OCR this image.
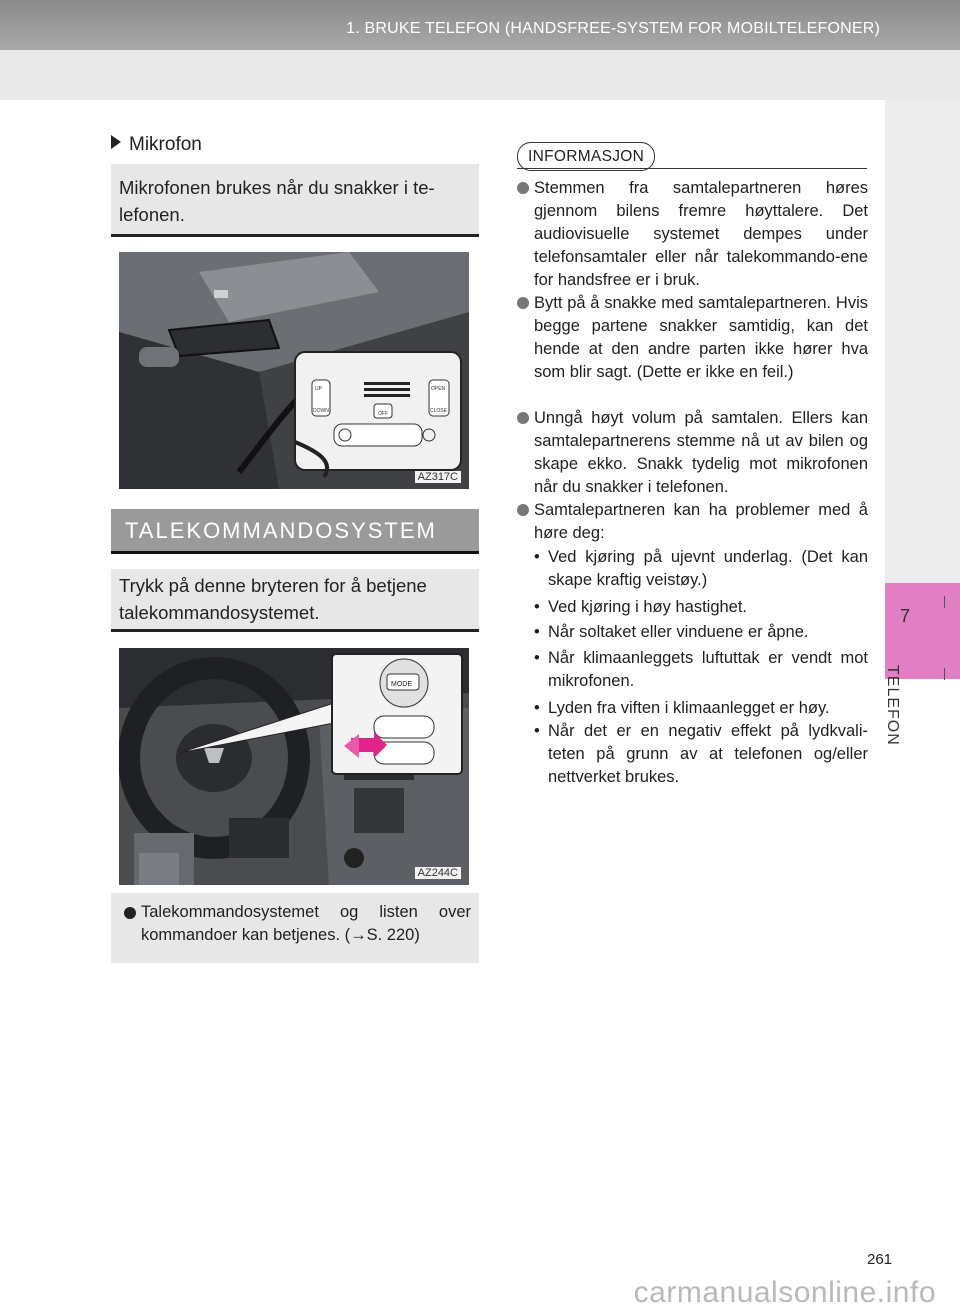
1. BRUKE TELEFON (HANDSFREE-SYSTEM FOR MOBILTELEFONER)
7
TELEFON
Mikrofon
Mikrofonen brukes når du snakker i te-lefonen.
UP
DOWN
OPEN
CLOSE
OFF
AZ317C
TALEKOMMANDOSYSTEM
Trykk på denne bryteren for å betjene talekommandosystemet.
MODE
AZ244C
Talekommandosystemet og listen over kommandoer kan betjenes. (→S. 220)
INFORMASJON
Stemmen fra samtalepartneren høres gjennom bilens fremre høyttalere. Det audiovisuelle systemet dempes under telefonsamtaler eller når talekommando-ene for handsfree er i bruk.
Bytt på å snakke med samtalepartneren. Hvis begge partene snakker samtidig, kan det hende at den andre parten ikke hører hva som blir sagt. (Dette er ikke en feil.)
Unngå høyt volum på samtalen. Ellers kan samtalepartnerens stemme nå ut av bilen og skape ekko. Snakk tydelig mot mikrofonen når du snakker i telefonen.
Samtalepartneren kan ha problemer med å høre deg:
• Ved kjøring på ujevnt underlag. (Det kan skape kraftig veistøy.)
• Ved kjøring i høy hastighet.
• Når soltaket eller vinduene er åpne.
• Når klimaanleggets luftuttak er vendt mot mikrofonen.
• Lyden fra viften i klimaanlegget er høy.
• Når det er en negativ effekt på lydkvali-teten på grunn av at telefonen og/eller nettverket brukes.
261
carmanualsonline.info
